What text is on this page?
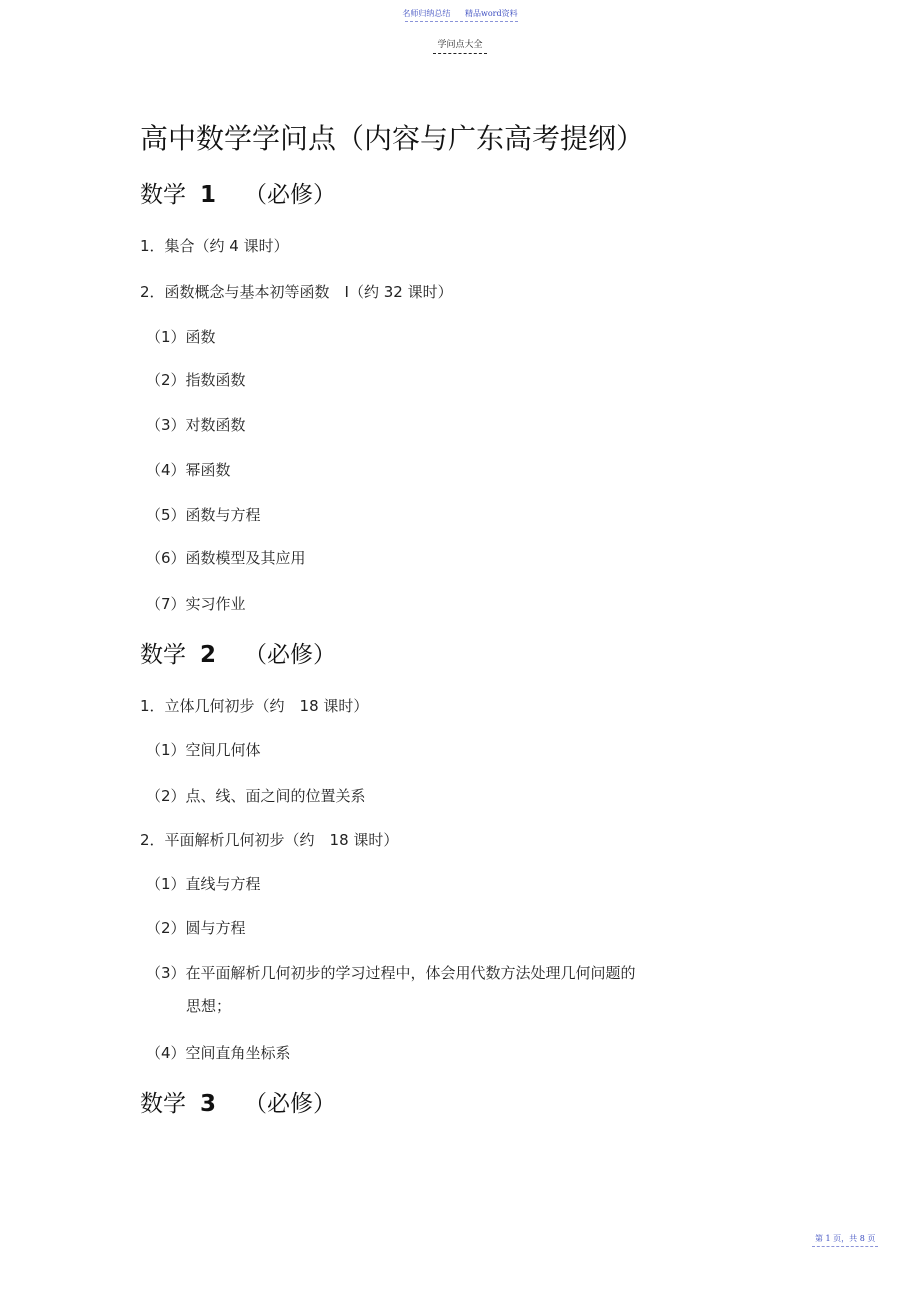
名师归纳总结 精品word资料
学问点大全
高中数学学问点（内容与广东高考提纲）
数学 1 （必修）
1．集合（约 4 课时）
2．函数概念与基本初等函数　Ⅰ（约 32 课时）
（1）函数
（2）指数函数
（3）对数函数
（4）幂函数
（5）函数与方程
（6）函数模型及其应用
（7）实习作业
数学 2 （必修）
1．立体几何初步（约　18 课时）
（1）空间几何体
（2）点、线、面之间的位置关系
2．平面解析几何初步（约　18 课时）
（1）直线与方程
（2）圆与方程
（3）在平面解析几何初步的学习过程中，体会用代数方法处理几何问题的
思想；
（4）空间直角坐标系
数学 3 （必修）
第 1 页，共 8 页
